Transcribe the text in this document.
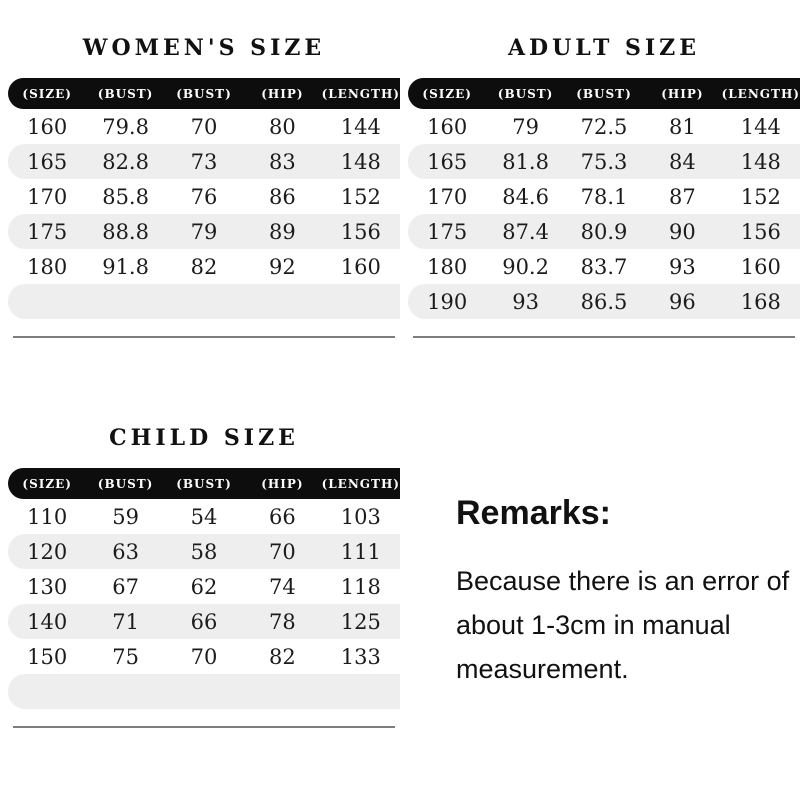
WOMEN'S SIZE
(SIZE)	(BUST)	(BUST)	(HIP)	(LENGTH)
160	79.8	70	80	144
165	82.8	73	83	148
170	85.8	76	86	152
175	88.8	79	89	156
180	91.8	82	92	160
ADULT SIZE
(SIZE)	(BUST)	(BUST)	(HIP)	(LENGTH)
160	79	72.5	81	144
165	81.8	75.3	84	148
170	84.6	78.1	87	152
175	87.4	80.9	90	156
180	90.2	83.7	93	160
190	93	86.5	96	168
CHILD SIZE
(SIZE)	(BUST)	(BUST)	(HIP)	(LENGTH)
110	59	54	66	103
120	63	58	70	111
130	67	62	74	118
140	71	66	78	125
150	75	70	82	133
Remarks:

Because there is an error of

about 1-3cm in manual

measurement.
